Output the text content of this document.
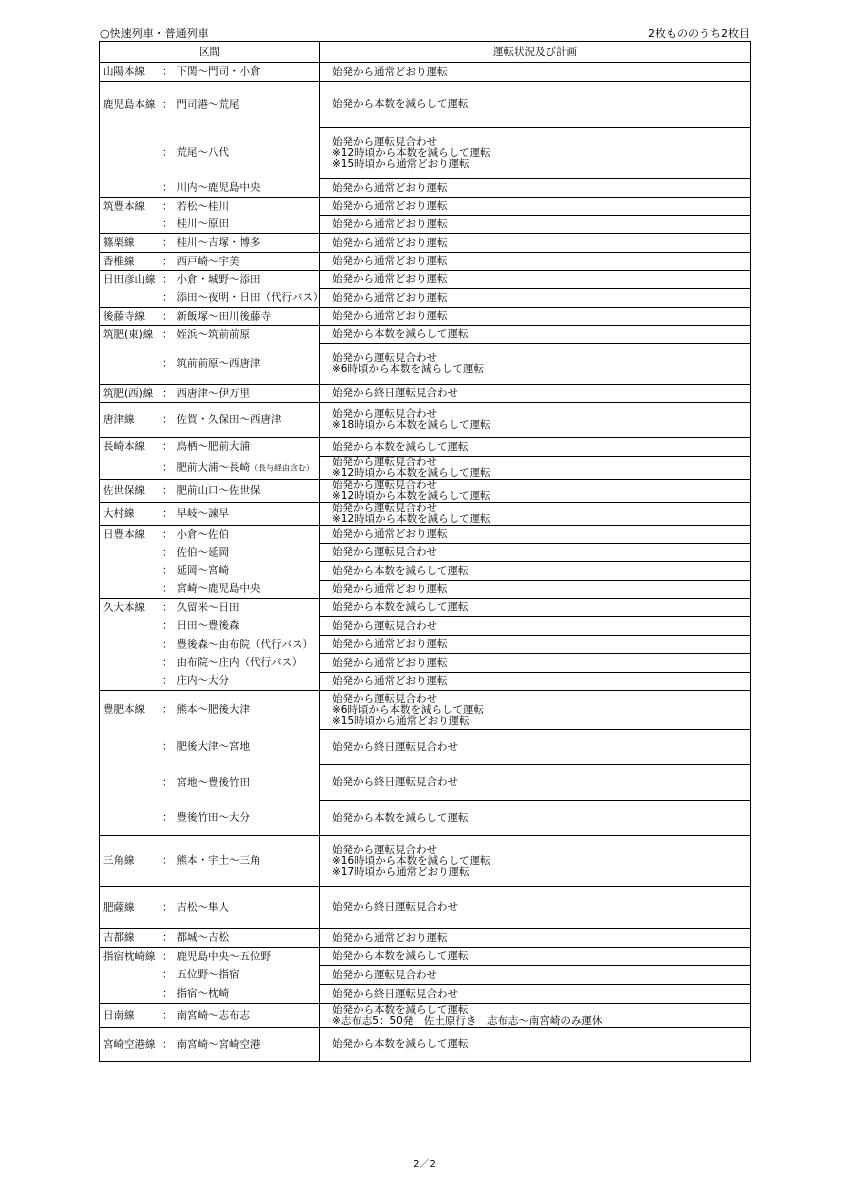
○快速列車・普通列車	2枚もののうち2枚目
区間	運転状況及び計画

山陽本線 ： 下関～門司・小倉	始発から通常どおり運転

鹿児島本線 ： 門司港～荒尾	始発から本数を減らして運転

： 荒尾～八代	始発から運転見合わせ
※12時頃から本数を減らして運転
※15時頃から通常どおり運転

： 川内～鹿児島中央	始発から通常どおり運転

筑豊本線 ： 若松～桂川	始発から通常どおり運転

： 桂川～原田	始発から通常どおり運転

篠栗線 ： 桂川～吉塚・博多	始発から通常どおり運転

香椎線 ： 西戸崎～宇美	始発から通常どおり運転

日田彦山線 ： 小倉・城野～添田	始発から通常どおり運転

： 添田～夜明・日田（代行バス）	始発から通常どおり運転

後藤寺線 ： 新飯塚～田川後藤寺	始発から通常どおり運転

筑肥(東)線 ： 姪浜～筑前前原	始発から本数を減らして運転

： 筑前前原～西唐津	始発から運転見合わせ
※6時頃から本数を減らして運転

筑肥(西)線 ： 西唐津～伊万里	始発から終日運転見合わせ

唐津線 ： 佐賀・久保田～西唐津	始発から運転見合わせ
※18時頃から本数を減らして運転

長崎本線 ： 鳥栖～肥前大浦	始発から本数を減らして運転

： 肥前大浦～長崎（長与経由含む）	始発から運転見合わせ
※12時頃から本数を減らして運転

佐世保線 ： 肥前山口～佐世保	始発から運転見合わせ
※12時頃から本数を減らして運転

大村線 ： 早岐～諫早	始発から運転見合わせ
※12時頃から本数を減らして運転

日豊本線 ： 小倉～佐伯	始発から通常どおり運転

： 佐伯～延岡	始発から運転見合わせ

： 延岡～宮崎	始発から本数を減らして運転

： 宮崎～鹿児島中央	始発から通常どおり運転

久大本線 ： 久留米～日田	始発から本数を減らして運転

： 日田～豊後森	始発から運転見合わせ

： 豊後森～由布院（代行バス）	始発から通常どおり運転

： 由布院～庄内（代行バス）	始発から通常どおり運転

： 庄内～大分	始発から通常どおり運転

豊肥本線 ： 熊本～肥後大津	始発から運転見合わせ
※6時頃から本数を減らして運転
※15時頃から通常どおり運転

： 肥後大津～宮地	始発から終日運転見合わせ

： 宮地～豊後竹田	始発から終日運転見合わせ

： 豊後竹田～大分	始発から本数を減らして運転

三角線 ： 熊本・宇土～三角	始発から運転見合わせ
※16時頃から本数を減らして運転
※17時頃から通常どおり運転

肥薩線 ： 吉松～隼人	始発から終日運転見合わせ

吉都線 ： 都城～吉松	始発から通常どおり運転

指宿枕崎線 ： 鹿児島中央～五位野	始発から本数を減らして運転

： 五位野～指宿	始発から運転見合わせ

： 指宿～枕崎	始発から終日運転見合わせ

日南線 ： 南宮崎～志布志	始発から本数を減らして運転
※志布志5：50発　佐土原行き　志布志～南宮崎のみ運休

宮崎空港線 ： 南宮崎～宮崎空港	始発から本数を減らして運転
2／2
